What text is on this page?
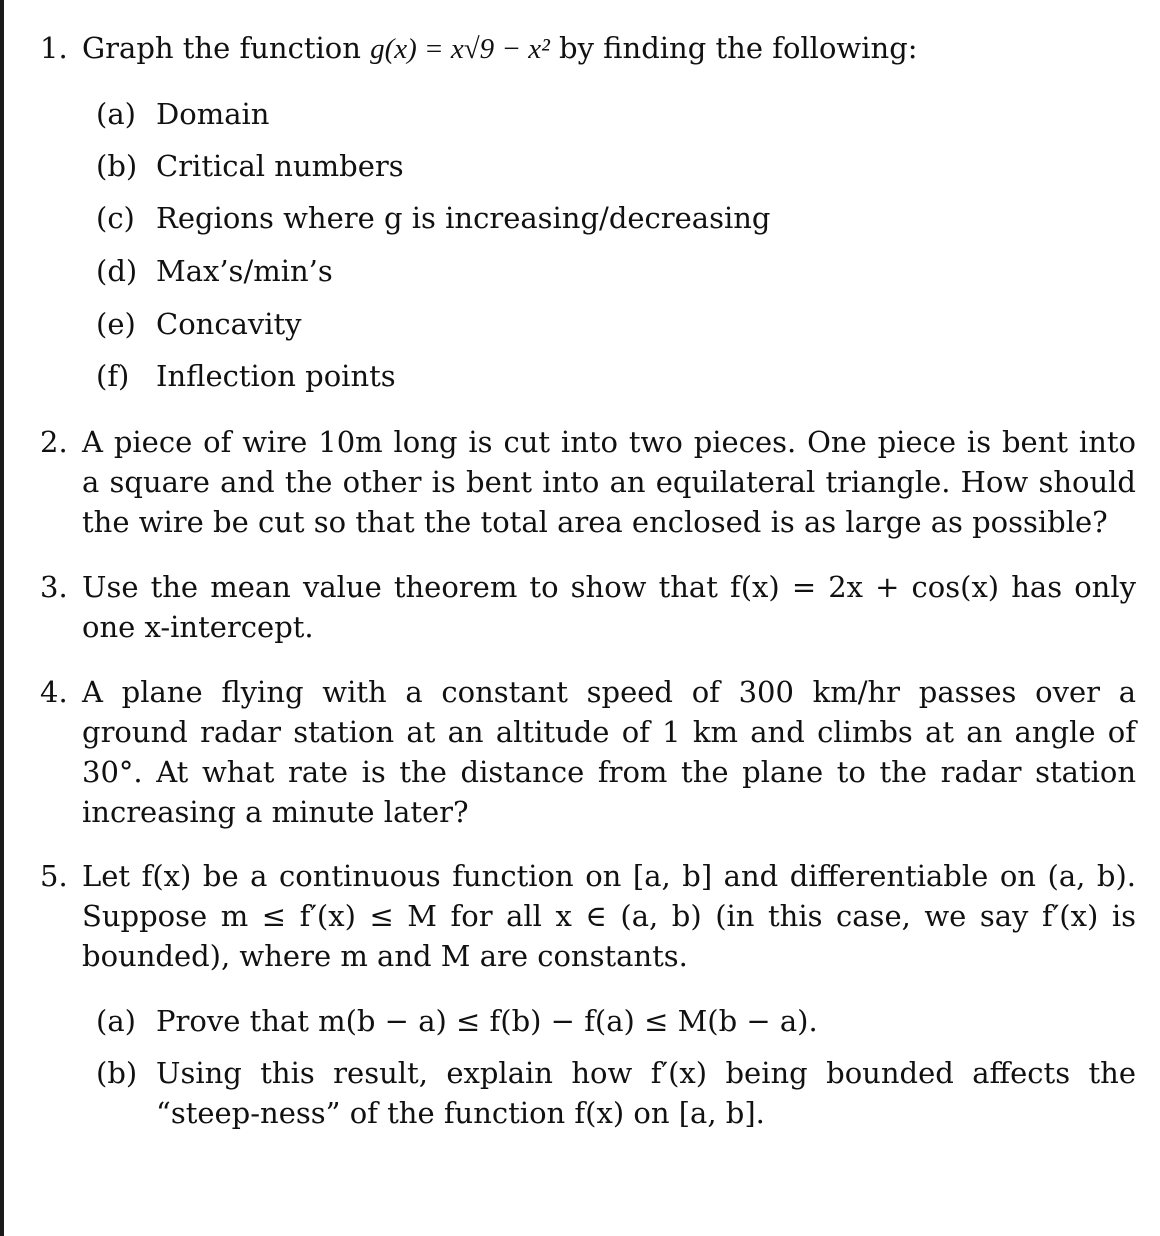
1. Graph the function g(x) = x√9 − x² by finding the following:
(a) Domain
(b) Critical numbers
(c) Regions where g is increasing/decreasing
(d) Max’s/min’s
(e) Concavity
(f) Inflection points
2. A piece of wire 10m long is cut into two pieces. One piece is bent into a square and the other is bent into an equilateral triangle. How should the wire be cut so that the total area enclosed is as large as possible?
3. Use the mean value theorem to show that f(x) = 2x + cos(x) has only one x-intercept.
4. A plane flying with a constant speed of 300 km/hr passes over a ground radar station at an altitude of 1 km and climbs at an angle of 30°. At what rate is the distance from the plane to the radar station increasing a minute later?
5. Let f(x) be a continuous function on [a, b] and differentiable on (a, b). Suppose m ≤ f′(x) ≤ M for all x ∈ (a, b) (in this case, we say f′(x) is bounded), where m and M are constants.
(a) Prove that m(b − a) ≤ f(b) − f(a) ≤ M(b − a).
(b) Using this result, explain how f′(x) being bounded affects the “steep-ness” of the function f(x) on [a, b].
